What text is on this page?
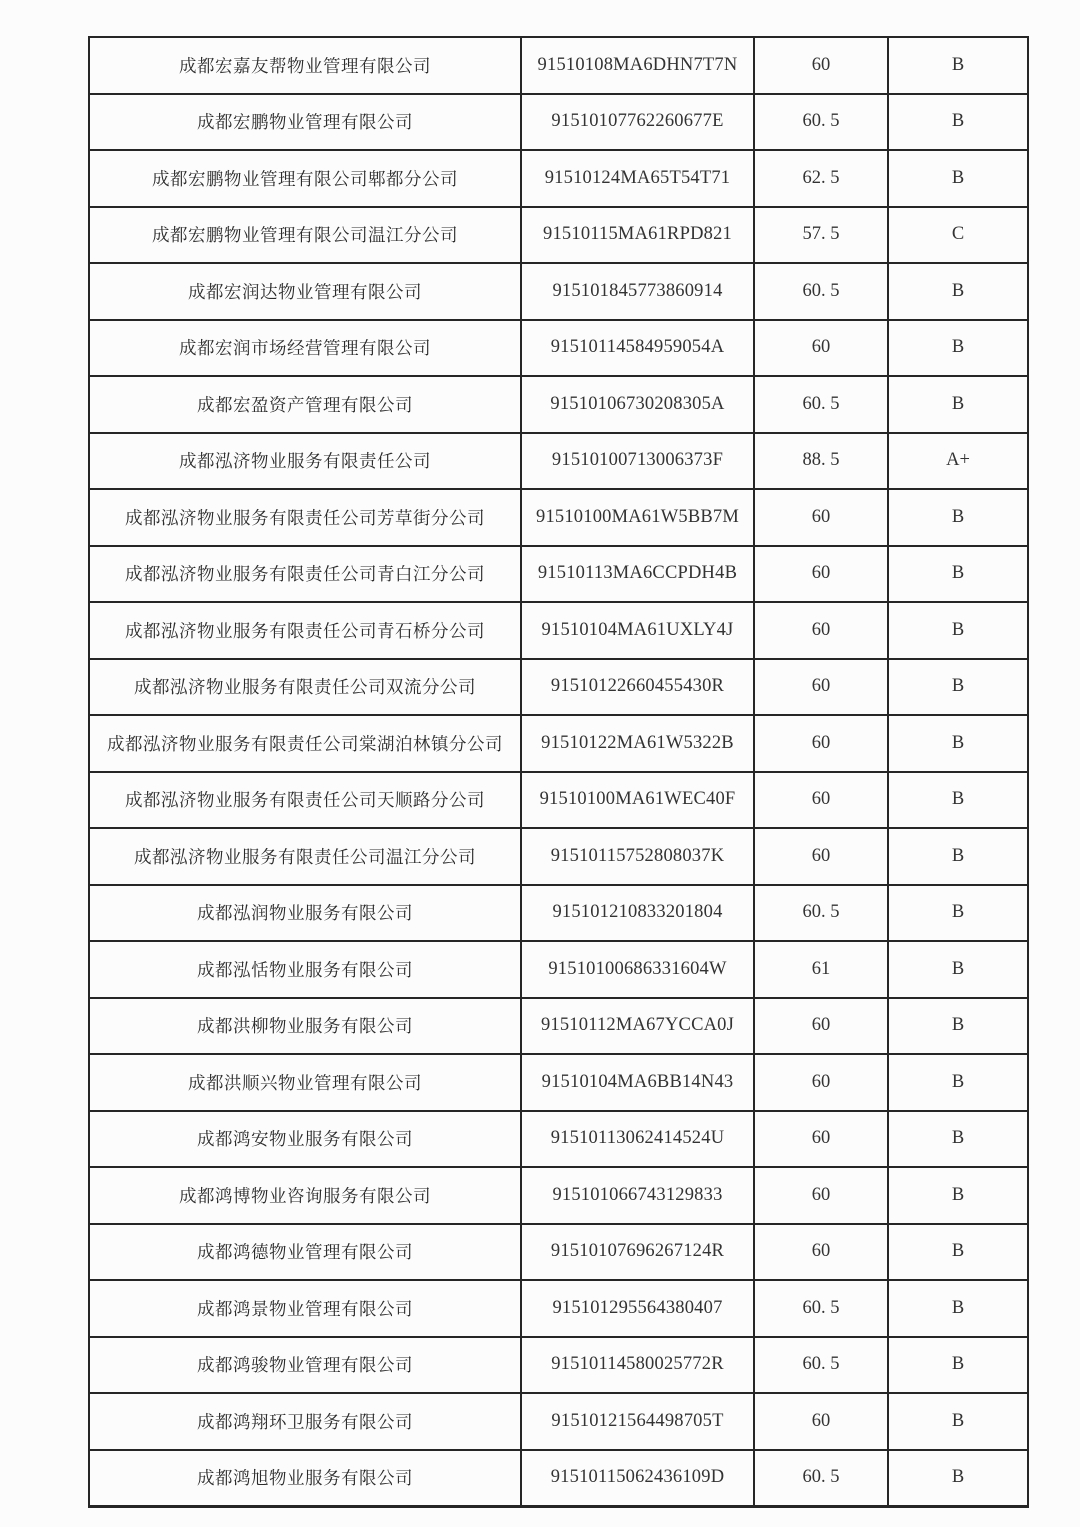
成都宏嘉友帮物业管理有限公司	91510108MA6DHN7T7N	60	B
成都宏鹏物业管理有限公司	91510107762260677E	60. 5	B
成都宏鹏物业管理有限公司郫都分公司	91510124MA65T54T71	62. 5	B
成都宏鹏物业管理有限公司温江分公司	91510115MA61RPD821	57. 5	C
成都宏润达物业管理有限公司	915101845773860914	60. 5	B
成都宏润市场经营管理有限公司	91510114584959054A	60	B
成都宏盈资产管理有限公司	91510106730208305A	60. 5	B
成都泓济物业服务有限责任公司	91510100713006373F	88. 5	A+
成都泓济物业服务有限责任公司芳草街分公司	91510100MA61W5BB7M	60	B
成都泓济物业服务有限责任公司青白江分公司	91510113MA6CCPDH4B	60	B
成都泓济物业服务有限责任公司青石桥分公司	91510104MA61UXLY4J	60	B
成都泓济物业服务有限责任公司双流分公司	91510122660455430R	60	B
成都泓济物业服务有限责任公司棠湖泊林镇分公司	91510122MA61W5322B	60	B
成都泓济物业服务有限责任公司天顺路分公司	91510100MA61WEC40F	60	B
成都泓济物业服务有限责任公司温江分公司	91510115752808037K	60	B
成都泓润物业服务有限公司	915101210833201804	60. 5	B
成都泓恬物业服务有限公司	91510100686331604W	61	B
成都洪柳物业服务有限公司	91510112MA67YCCA0J	60	B
成都洪顺兴物业管理有限公司	91510104MA6BB14N43	60	B
成都鸿安物业服务有限公司	91510113062414524U	60	B
成都鸿博物业咨询服务有限公司	915101066743129833	60	B
成都鸿德物业管理有限公司	91510107696267124R	60	B
成都鸿景物业管理有限公司	915101295564380407	60. 5	B
成都鸿骏物业管理有限公司	91510114580025772R	60. 5	B
成都鸿翔环卫服务有限公司	91510121564498705T	60	B
成都鸿旭物业服务有限公司	91510115062436109D	60. 5	B
